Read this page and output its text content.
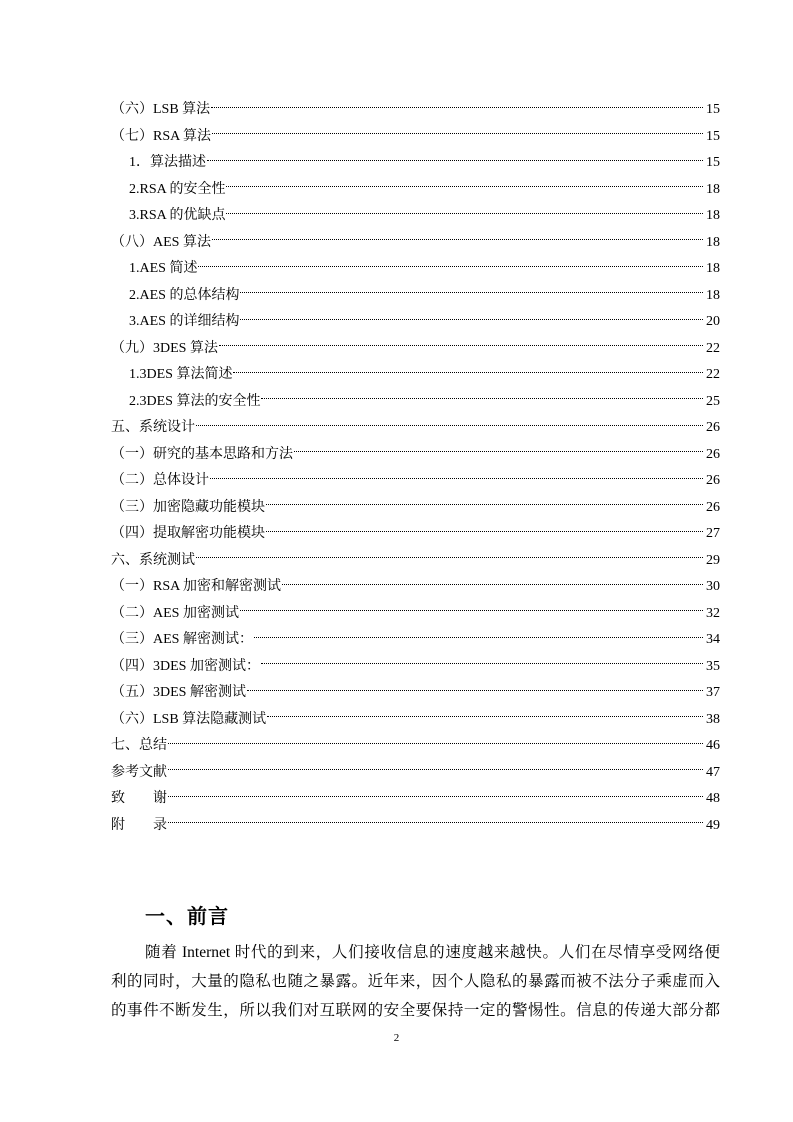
（六）LSB 算法	15
（七）RSA 算法	15
1．算法描述	15
2.RSA 的安全性	18
3.RSA 的优缺点	18
（八）AES 算法	18
1.AES 简述	18
2.AES 的总体结构	18
3.AES 的详细结构	20
（九）3DES 算法	22
1.3DES 算法简述	22
2.3DES 算法的安全性	25
五、系统设计	26
（一）研究的基本思路和方法	26
（二）总体设计	26
（三）加密隐藏功能模块	26
（四）提取解密功能模块	27
六、系统测试	29
（一）RSA 加密和解密测试	30
（二）AES 加密测试	32
（三）AES 解密测试：	34
（四）3DES 加密测试：	35
（五）3DES 解密测试	37
（六）LSB 算法隐藏测试	38
七、总结	46
参考文献	47
致　　谢	48
附　　录	49
一、前言
随着 Internet 时代的到来，人们接收信息的速度越来越快。人们在尽情享受网络便
利的同时，大量的隐私也随之暴露。近年来，因个人隐私的暴露而被不法分子乘虚而入
的事件不断发生，所以我们对互联网的安全要保持一定的警惕性。信息的传递大部分都
2
